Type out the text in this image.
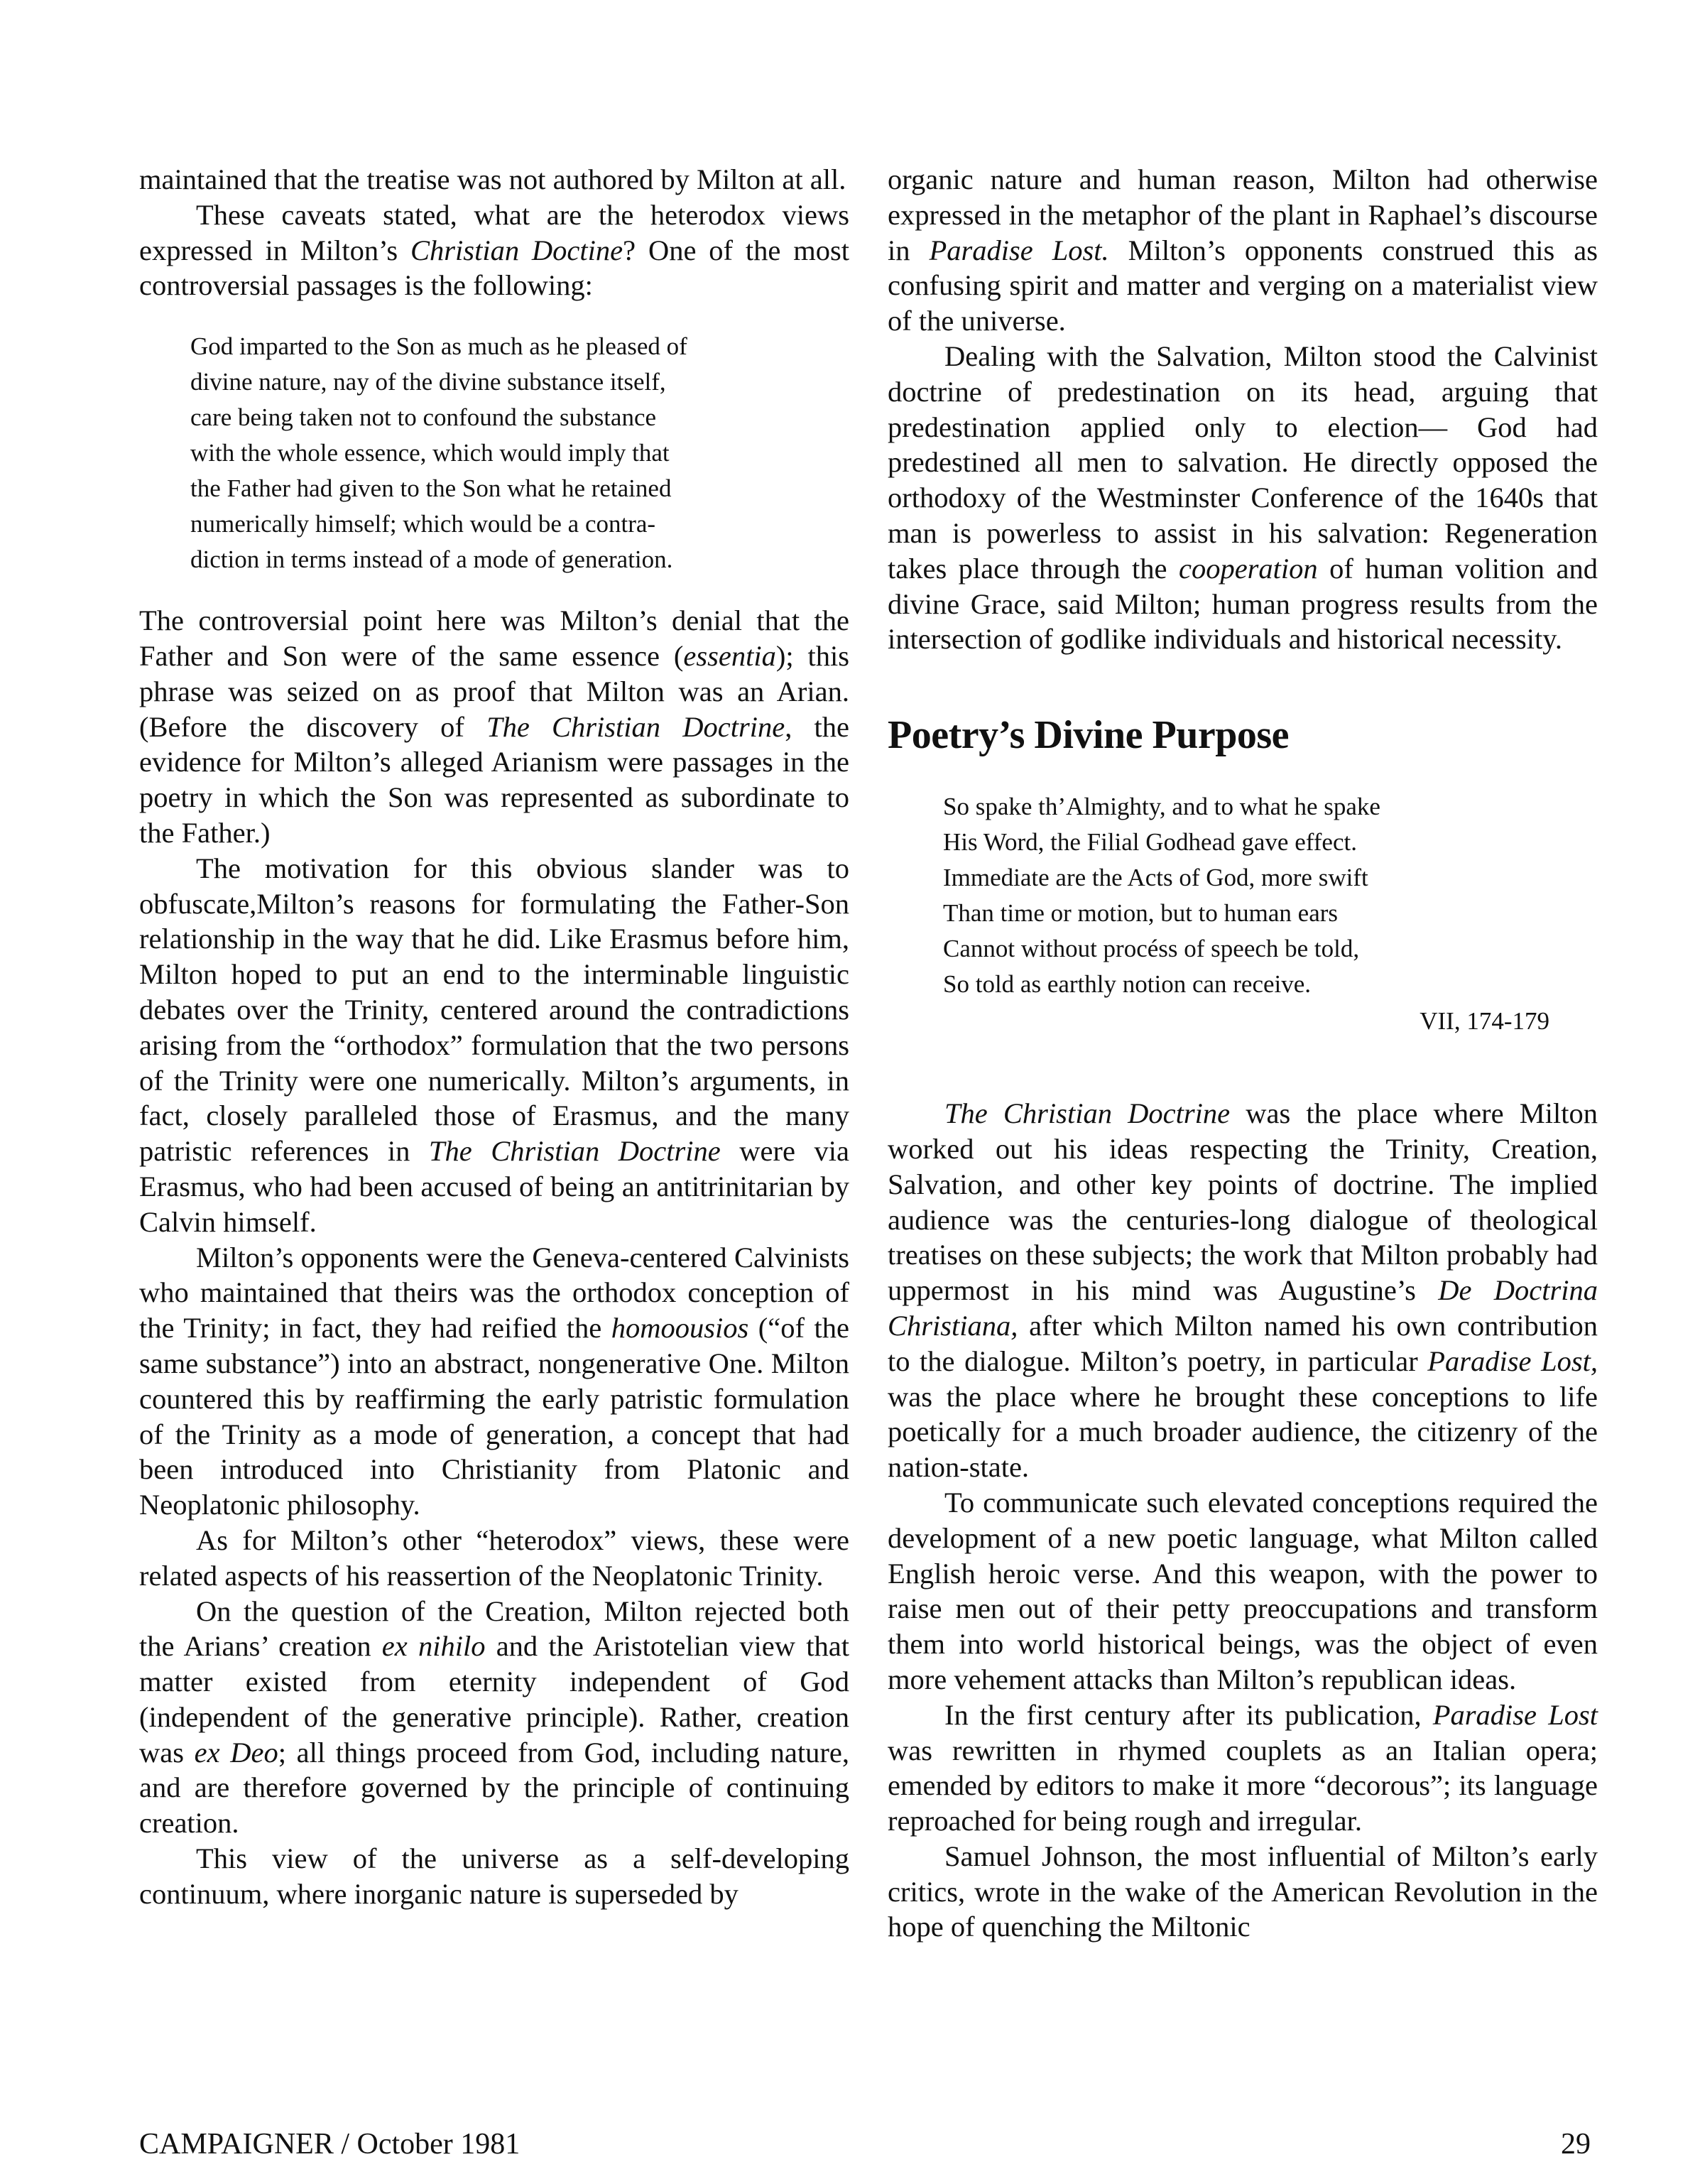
maintained that the treatise was not authored by Milton at all.

These caveats stated, what are the heterodox views expressed in Milton’s Christian Doctine? One of the most controversial passages is the following:

God imparted to the Son as much as he pleased of
divine nature, nay of the divine substance itself,
care being taken not to confound the substance
with the whole essence, which would imply that
the Father had given to the Son what he retained
numerically himself; which would be a contra-
diction in terms instead of a mode of generation.

The controversial point here was Milton’s denial that the Father and Son were of the same essence (essentia); this phrase was seized on as proof that Milton was an Arian. (Before the discovery of The Christian Doctrine, the evidence for Milton’s alleged Arianism were passages in the poetry in which the Son was represented as subordinate to the Father.)

The motivation for this obvious slander was to obfuscate,Milton’s reasons for formulating the Father-Son relationship in the way that he did. Like Erasmus before him, Milton hoped to put an end to the interminable linguistic debates over the Trinity, centered around the contradictions arising from the “orthodox” formulation that the two persons of the Trinity were one numerically. Milton’s arguments, in fact, closely paralleled those of Erasmus, and the many patristic references in The Christian Doctrine were via Erasmus, who had been accused of being an antitrinitarian by Calvin himself.

Milton’s opponents were the Geneva-centered Calvinists who maintained that theirs was the orthodox conception of the Trinity; in fact, they had reified the homoousios (“of the same substance”) into an abstract, nongenerative One. Milton countered this by reaffirming the early patristic formulation of the Trinity as a mode of generation, a concept that had been introduced into Christianity from Platonic and Neoplatonic philosophy.

As for Milton’s other “heterodox” views, these were related aspects of his reassertion of the Neoplatonic Trinity.

On the question of the Creation, Milton rejected both the Arians’ creation ex nihilo and the Aristotelian view that matter existed from eternity independent of God (independent of the generative principle). Rather, creation was ex Deo; all things proceed from God, including nature, and are therefore governed by the principle of continuing creation.

This view of the universe as a self-developing continuum, where inorganic nature is superseded by

organic nature and human reason, Milton had otherwise expressed in the metaphor of the plant in Raphael’s discourse in Paradise Lost. Milton’s opponents construed this as confusing spirit and matter and verging on a materialist view of the universe.

Dealing with the Salvation, Milton stood the Calvinist doctrine of predestination on its head, arguing that predestination applied only to election— God had predestined all men to salvation. He directly opposed the orthodoxy of the Westminster Conference of the 1640s that man is powerless to assist in his salvation: Regeneration takes place through the cooperation of human volition and divine Grace, said Milton; human progress results from the intersection of godlike individuals and historical necessity.

Poetry’s Divine Purpose
So spake th’Almighty, and to what he spake
His Word, the Filial Godhead gave effect.
Immediate are the Acts of God, more swift
Than time or motion, but to human ears
Cannot without procéss of speech be told,
So told as earthly notion can receive.
VII, 174-179

The Christian Doctrine was the place where Milton worked out his ideas respecting the Trinity, Creation, Salvation, and other key points of doctrine. The implied audience was the centuries-long dialogue of theological treatises on these subjects; the work that Milton probably had uppermost in his mind was Augustine’s De Doctrina Christiana, after which Milton named his own contribution to the dialogue. Milton’s poetry, in particular Paradise Lost, was the place where he brought these conceptions to life poetically for a much broader audience, the citizenry of the nation-state.

To communicate such elevated conceptions required the development of a new poetic language, what Milton called English heroic verse. And this weapon, with the power to raise men out of their petty preoccupations and transform them into world historical beings, was the object of even more vehement attacks than Milton’s republican ideas.

In the first century after its publication, Paradise Lost was rewritten in rhymed couplets as an Italian opera; emended by editors to make it more “decorous”; its language reproached for being rough and irregular.

Samuel Johnson, the most influential of Milton’s early critics, wrote in the wake of the American Revolution in the hope of quenching the Miltonic

CAMPAIGNER / October 1981	29
